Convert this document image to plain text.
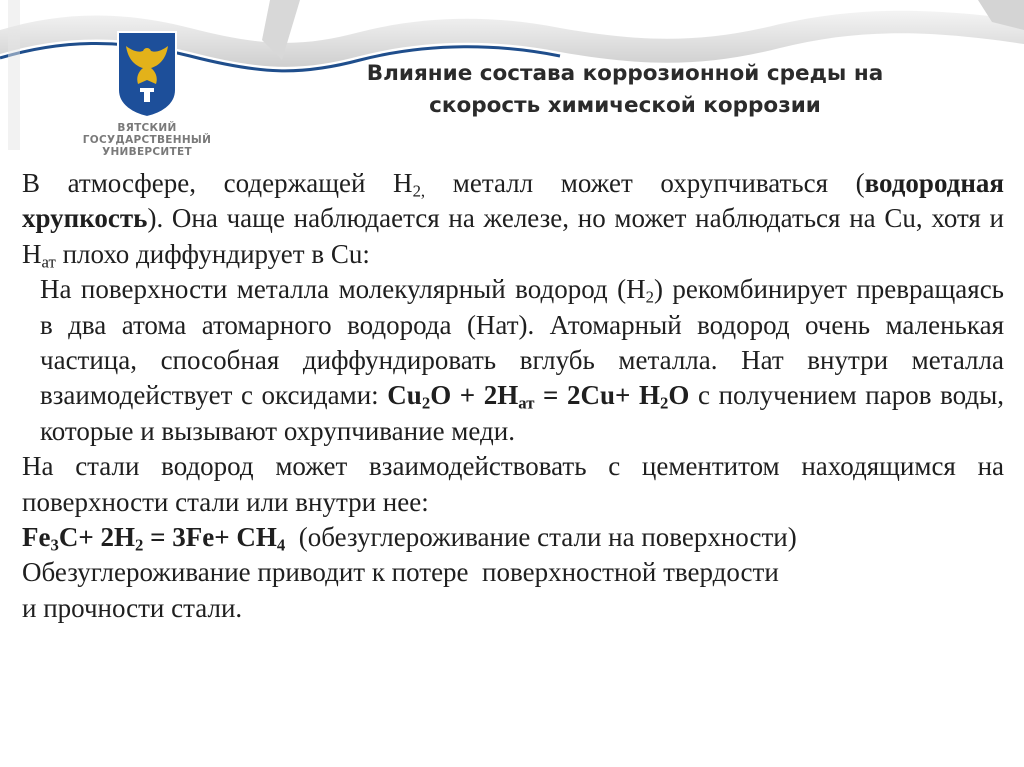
ВЯТСКИЙ
ГОСУДАРСТВЕННЫЙ
УНИВЕРСИТЕТ
Влияние состава коррозионной среды на
скорость химической коррозии

В атмосфере, содержащей $Н_{2,}$ металл может охрупчиваться (водородная хрупкость). Она чаще наблюдается на железе, но может наблюдаться на Cu, хотя и $Н_{ат}$ плохо диффундирует в Cu:

На поверхности металла молекулярный водород $(Н_2)$ рекомбинирует превращаясь в два атома атомарного водорода (Нат). Атомарный водород очень маленькая частица, способная диффундировать вглубь металла. Нат внутри металла взаимодействует с оксидами: $Cu_2O + 2H_{ат} = 2Cu+ H_2O$ с получением паров воды, которые и вызывают охрупчивание меди.

На стали водород может взаимодействовать с цементитом находящимся на поверхности стали или внутри нее:

$Fe_3C+ 2H_2 = 3Fe+ CH_4$  (обезуглероживание стали на поверхности)
Обезуглероживание приводит к потере  поверхностной твердости
и прочности стали.
